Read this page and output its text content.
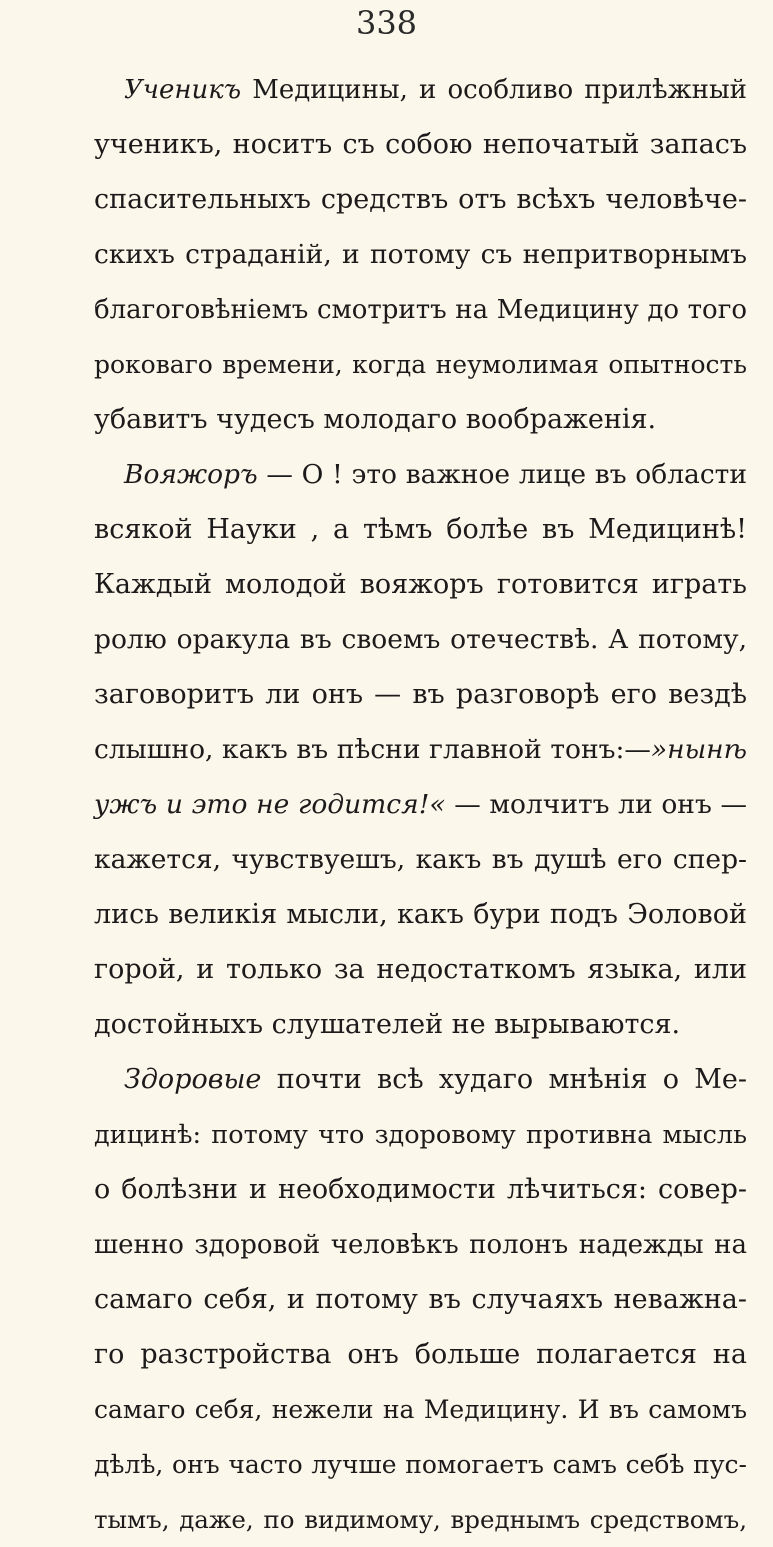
338
Ученикъ Медицины, и особливо прилѣжный
ученикъ, носитъ съ собою непочатый запасъ
спасительныхъ средствъ отъ всѣхъ человѣче-
скихъ страданій, и потому съ непритворнымъ
благоговѣніемъ смотритъ на Медицину до того
роковаго времени, когда неумолимая опытность
убавитъ чудесъ молодаго воображенія.
Вояжоръ — О ! это важное лице въ области
всякой Науки , а тѣмъ болѣе въ Медицинѣ!
Каждый молодой вояжоръ готовится играть
ролю оракула въ своемъ отечествѣ. А потому,
заговоритъ ли онъ — въ разговорѣ его вездѣ
слышно, какъ въ пѣсни главной тонъ:— »нынѣ
ужъ и это не годится!« — молчитъ ли онъ —
кажется, чувствуешъ, какъ въ душѣ его спер-
лись великія мысли, какъ бури подъ Эоловой
горой, и только за недостаткомъ языка, или
достойныхъ слушателей не вырываются.
Здоровые почти всѣ худаго мнѣнія о Ме-
дицинѣ: потому что здоровому противна мысль
о болѣзни и необходимости лѣчиться: совер-
шенно здоровой человѣкъ полонъ надежды на
самаго себя, и потому въ случаяхъ неважна-
го разстройства онъ больше полагается на
самаго себя, нежели на Медицину. И въ самомъ
дѣлѣ, онъ часто лучше помогаетъ самъ себѣ пус-
тымъ, даже, по видимому, вреднымъ средствомъ,
